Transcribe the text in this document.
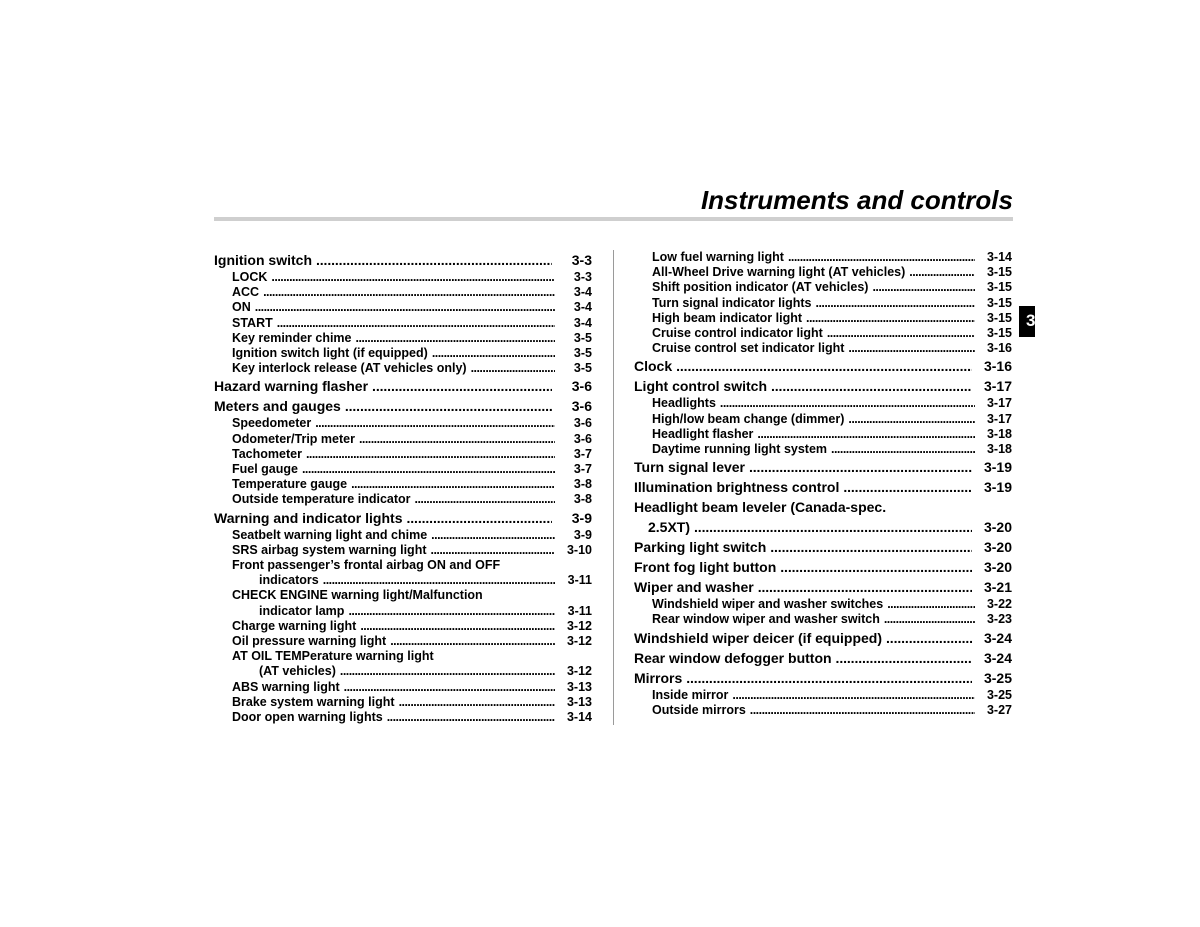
Instruments and controls
3
Ignition switch . . .	3-3
LOCK . . .	3-3
ACC . . .	3-4
ON . . .	3-4
START . . .	3-4
Key reminder chime . . .	3-5
Ignition switch light (if equipped) . . .	3-5
Key interlock release (AT vehicles only) . . .	3-5
Hazard warning flasher . . .	3-6
Meters and gauges . . .	3-6
Speedometer . . .	3-6
Odometer/Trip meter . . .	3-6
Tachometer . . .	3-7
Fuel gauge . . .	3-7
Temperature gauge . . .	3-8
Outside temperature indicator . . .	3-8
Warning and indicator lights . . .	3-9
Seatbelt warning light and chime . . .	3-9
SRS airbag system warning light . . .	3-10
Front passenger’s frontal airbag ON and OFF
indicators . . .	3-11
CHECK ENGINE warning light/Malfunction
indicator lamp . . .	3-11
Charge warning light . . .	3-12
Oil pressure warning light . . .	3-12
AT OIL TEMPerature warning light
(AT vehicles) . . .	3-12
ABS warning light . . .	3-13
Brake system warning light . . .	3-13
Door open warning lights . . .	3-14
Low fuel warning light . . .	3-14
All-Wheel Drive warning light (AT vehicles) . . .	3-15
Shift position indicator (AT vehicles) . . .	3-15
Turn signal indicator lights . . .	3-15
High beam indicator light . . .	3-15
Cruise control indicator light . . .	3-15
Cruise control set indicator light . . .	3-16
Clock . . .	3-16
Light control switch . . .	3-17
Headlights . . .	3-17
High/low beam change (dimmer) . . .	3-17
Headlight flasher . . .	3-18
Daytime running light system . . .	3-18
Turn signal lever . . .	3-19
Illumination brightness control . . .	3-19
Headlight beam leveler (Canada-spec.
2.5XT) . . .	3-20
Parking light switch . . .	3-20
Front fog light button . . .	3-20
Wiper and washer . . .	3-21
Windshield wiper and washer switches . . .	3-22
Rear window wiper and washer switch . . .	3-23
Windshield wiper deicer (if equipped) . . .	3-24
Rear window defogger button . . .	3-24
Mirrors . . .	3-25
Inside mirror . . .	3-25
Outside mirrors . . .	3-27
